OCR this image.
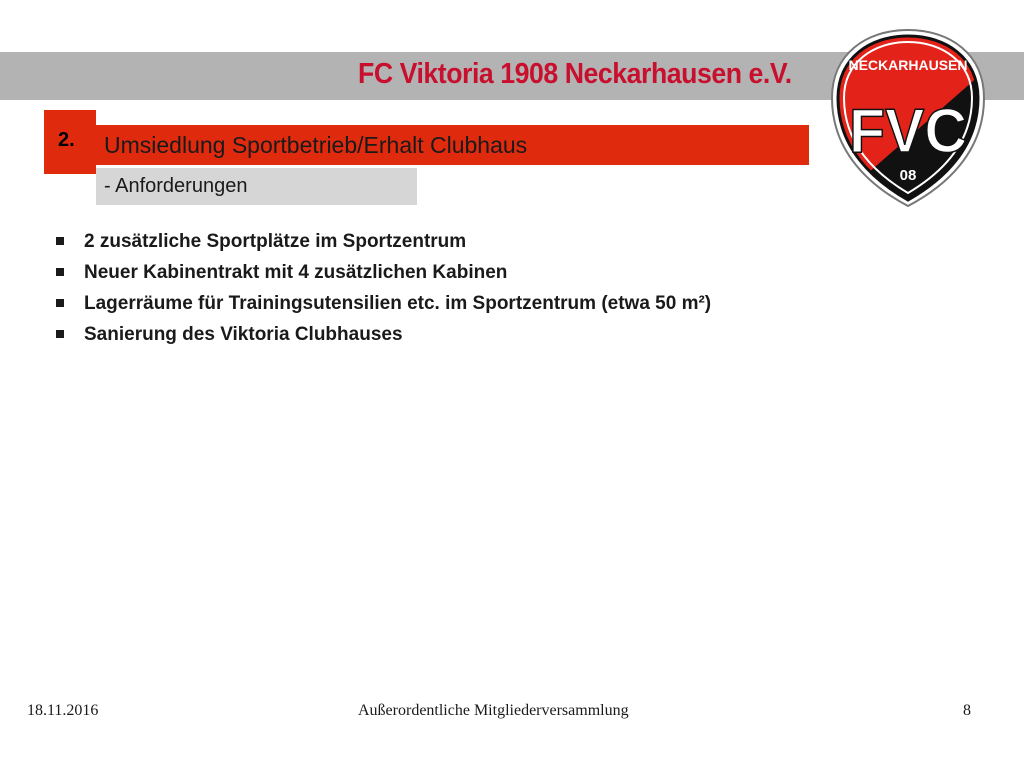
FC Viktoria 1908 Neckarhausen e.V.	NECKARHAUSEN
FVC
08
2. Umsiedlung Sportbetrieb/Erhalt Clubhaus
- Anforderungen
2 zusätzliche Sportplätze im Sportzentrum
Neuer Kabinentrakt mit 4 zusätzlichen Kabinen
Lagerräume für Trainingsutensilien etc. im Sportzentrum (etwa 50 m²)
Sanierung des Viktoria Clubhauses
18.11.2016	Außerordentliche Mitgliederversammlung	8
